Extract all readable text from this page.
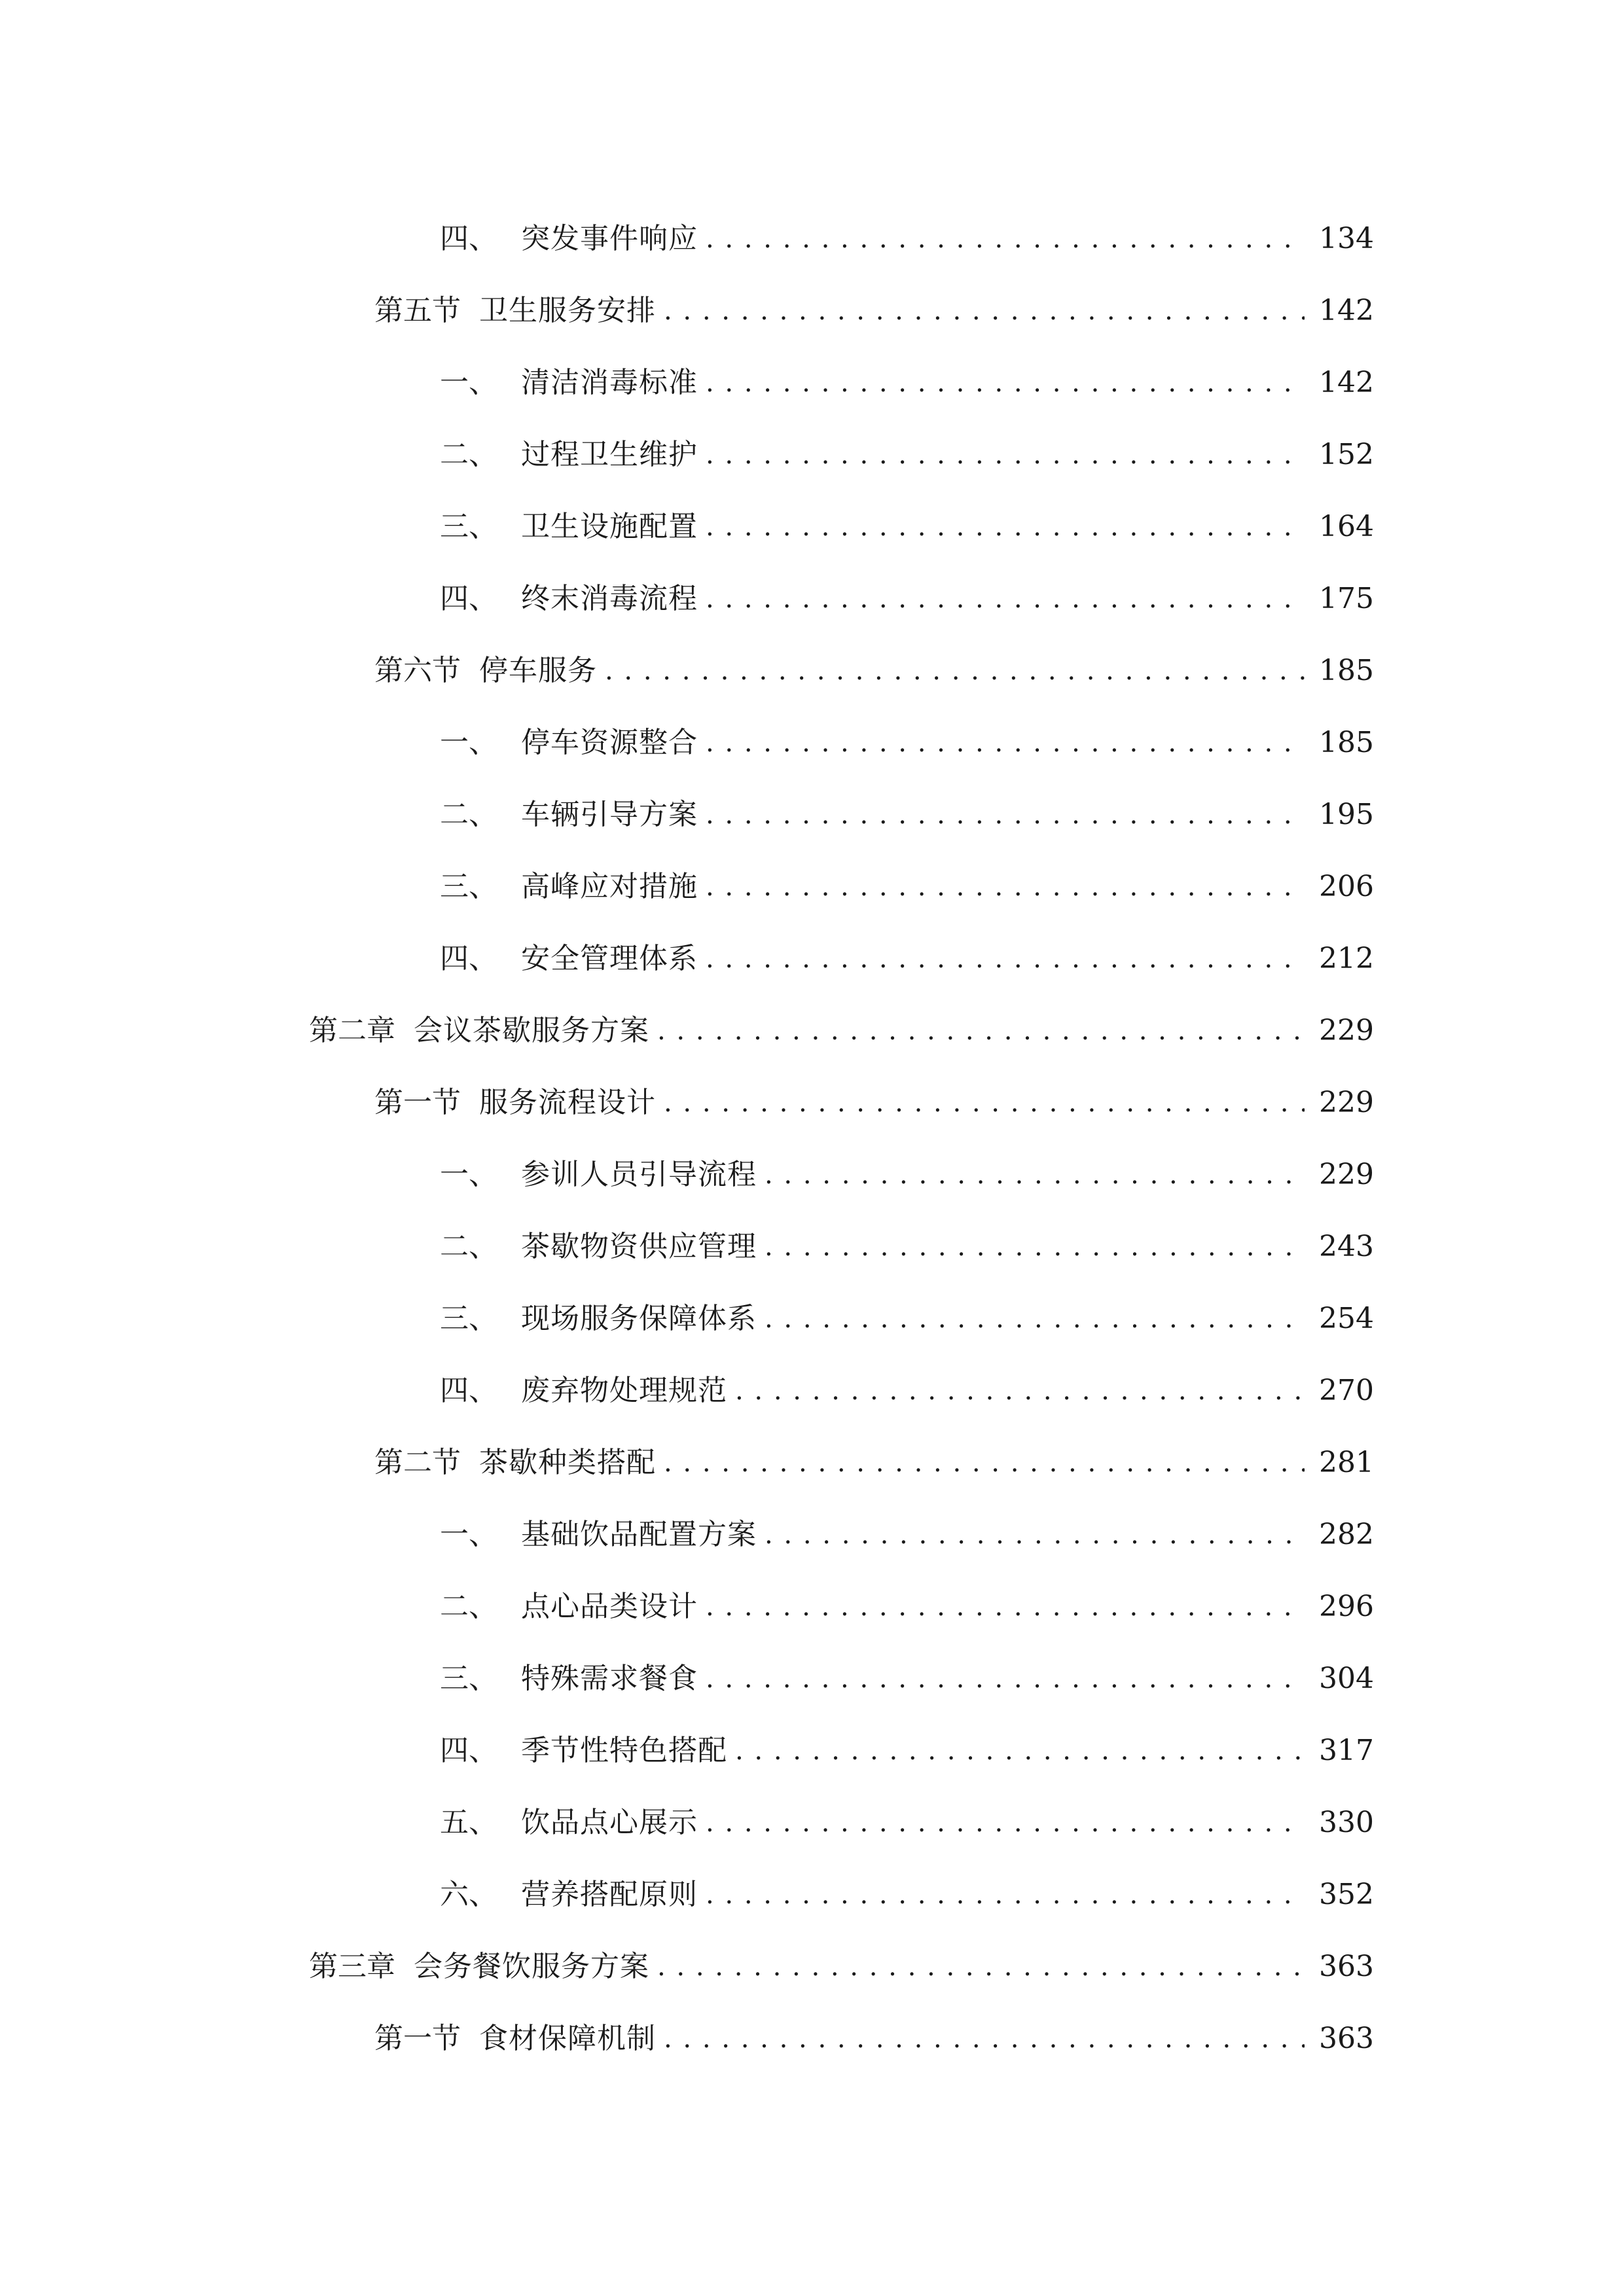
四、 突发事件响应 . . .	134
第五节 卫生服务安排 . . .	142
一、 清洁消毒标准 . . .	142
二、 过程卫生维护 . . .	152
三、 卫生设施配置 . . .	164
四、 终末消毒流程 . . .	175
第六节 停车服务 . . .	185
一、 停车资源整合 . . .	185
二、 车辆引导方案 . . .	195
三、 高峰应对措施 . . .	206
四、 安全管理体系 . . .	212
第二章 会议茶歇服务方案 . . .	229
第一节 服务流程设计 . . .	229
一、 参训人员引导流程 . . .	229
二、 茶歇物资供应管理 . . .	243
三、 现场服务保障体系 . . .	254
四、 废弃物处理规范 . . .	270
第二节 茶歇种类搭配 . . .	281
一、 基础饮品配置方案 . . .	282
二、 点心品类设计 . . .	296
三、 特殊需求餐食 . . .	304
四、 季节性特色搭配 . . .	317
五、 饮品点心展示 . . .	330
六、 营养搭配原则 . . .	352
第三章 会务餐饮服务方案 . . .	363
第一节 食材保障机制 . . .	363
